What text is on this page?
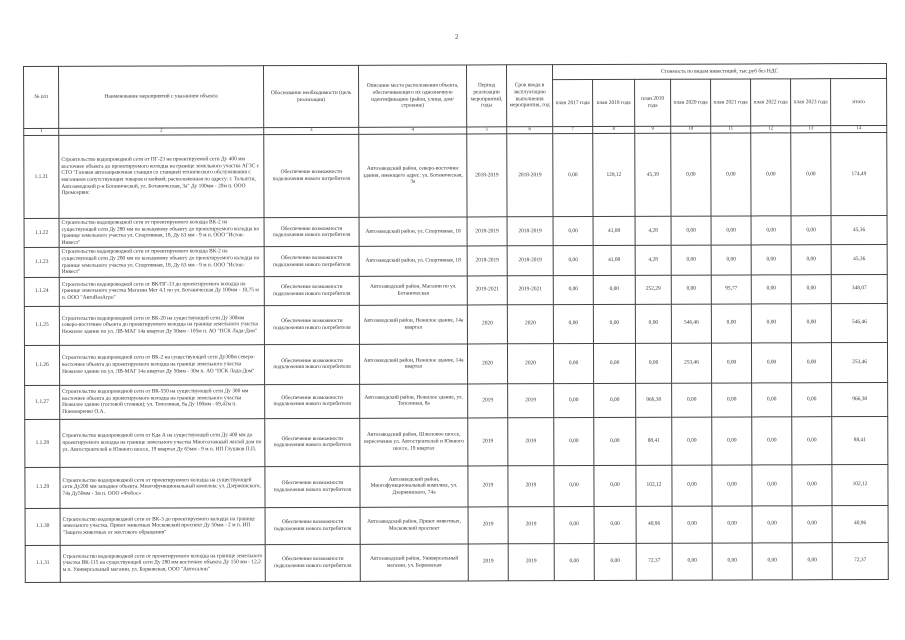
2
№ п/п	Наименование мероприятий с указанием объекта	Обоснование необходимости (цель реализации)	Описание места расположения объекта, обеспечивающего их однозначную идентификацию (район, улица, дом/строение)	Период реализации мероприятий, годы	Срок ввода в эксплуатацию выполнения мероприятия, год	Стоимость по видам инвестиций, тыс.руб без НДС							
						план 2017 года	план 2018 года	план 2019 года	план 2020 года	план 2021 года	план 2022 года	план 2023 года	итого
1	2	3	4	5	6	7	8	9	10	11	12	13	14
1.1.21	Строительство водопроводной сети от ПГ-23 на проектируемой сети Ду 400 мм восточнее объекта до проектируемого колодца на границе земельного участка АГЗС с СТО "Газовая автозаправочная станция со станцией технического обслуживания с магазином сопутствующих товаров и мойкой; расположенная по адресу: г. Тольятти, Автозаводский р-н Ботанической, ул. Ботаническая, 3а" Ду 100мм - 20м п. ООО Промсервис	Обеспечение возможности подключения нового потребителя	Автозаводский район, северо-восточнее здания, имеющего адрес: ул. Ботаническая, 3а	2018-2019	2018-2019	0,00	129,12	45,39	0,00	0,00	0,00	0,00	174,49
1.1.22	Строительство водопроводной сети от проектируемого колодца ВК-2 на существующей сети Ду 280 мм по кольцевому объекту до проектируемого колодца на границе земельного участка ул. Спортивная, 18, Ду 63 мм - 9 м п. ООО "Исток-Инвест"	Обеспечение возможности подключения нового потребителя	Автозаводский район, ул. Спортивная, 18	2018-2019	2018-2019	0,00	41,08	4,28	0,00	0,00	0,00	0,00	45,36
1.1.23	Строительство водопроводной сети от проектируемого колодца ВК-2 на существующей сети Ду 280 мм по кольцевому объекту до проектируемого колодца на границе земельного участка ул. Спортивная, 18, Ду 63 мм - 9 м п. ООО "Исток-Инвест"	Обеспечение возможности подключения нового потребителя	Автозаводский район, ул. Спортивная, 18	2018-2019	2018-2019	0,00	41,08	4,28	0,00	0,00	0,00	0,00	45,36
1.1.24	Строительство водопроводной сети от ВК/ПГ-13 до проектируемого колодца на границе земельного участка Магазин Мег 4.1 по ул. Ботаническая Ду 100мм - 10,75 м п. ООО "АвтоВазАгро"	Обеспечение возможности подключения нового потребителя	Автозаводский район, Магазин по ул. Ботаническая	2019-2021	2019-2021	0,00	0,00	252,29	0,00	95,77	0,00	0,00	348,07
1.1.25	Строительство водопроводной сети от ВК-20 на существующей сети Ду 300мм северо-восточнее объекта до проектируемого колодца на границе земельного участка Нежилое здание по ул. ЛВ-МАГ 14а квартал Ду 50мм - 105м п. АО "ПСК Лада-Дом"	Обеспечение возможности подключения нового потребителя	Автозаводский район, Нежилое здание, 14а квартал	2020	2020	0,00	0,00	0,00	546,46	0,00	0,00	0,00	546,46
1.1.26	Строительство водопроводной сети от ВК-2 на существующей сети Ду300м северо-восточнее объекта до проектируемого колодца на границе земельного участка Нежилое здание по ул. ЛВ-МАГ 14а квартал Ду 50мм - 30м п. АО "ПСК Лада-Дом"	Обеспечение возможности подключения нового потребителя	Автозаводский район, Нежилое здание, 14а квартал	2020	2020	0,00	0,00	0,00	253,46	0,00	0,00	0,00	253,46
1.1.27	Строительство водопроводной сети от ВК-550 на существующей сети Ду 300 мм восточнее объекта до проектируемого колодца на границе земельного участка Нежилое здание (гостевой стоянки); ул. Тополиная, 8а Ду 100мм - 69,42м п. Пономаренко О.А.	Обеспечение возможности подключения нового потребителя	Автозаводский район, Нежилое здание, ул. Тополиная, 8а	2019	2019	0,00	0,00	966,38	0,00	0,00	0,00	0,00	966,38
1.1.28	Строительство водопроводной сети от Кда А на существующей сети Ду 400 мм до проектируемого колодца на границе земельного участка Многоэтажный жилой дом по ул. Автостроителей и Южного шоссе, 19 квартал Ду 65мм - 9 м п. ИП Глушков П.П.	Обеспечение возможности подключения нового потребителя	Автозаводский район, Шлюзовое шоссе, пересечение ул. Автостроителей и Южного шоссе, 19 квартал	2019	2019	0,00	0,00	88,41	0,00	0,00	0,00	0,00	88,41
1.1.29	Строительство водопроводной сети от проектируемого колодца на существующей сети Ду200 мм западнее объекта. Многофункциональный комплекс ул. Дзержинского, 74а Ду50мм - 3м п. ООО «Фобос»	Обеспечение возможности подключения нового потребителя	Автозаводский район, Многофункциональный комплекс, ул. Дзержинского, 74а	2019	2019	0,00	0,00	102,12	0,00	0,00	0,00	0,00	102,12
1.1.30	Строительство водопроводной сети от ВК-3 до проектируемого колодца на границе земельного участка. Приют животных Московский проспект Ду 50мм - 2 м п. ИП "Защита животных от жестокого обращения"	Обеспечение возможности подключения нового потребителя	Автозаводский район, Приют животных, Московский проспект	2019	2019	0,00	0,00	40,96	0,00	0,00	0,00	0,00	40,96
1.1.31	Строительство водопроводной сети от проектируемого колодца на границе земельного участка ВК-115 на существующей сети Ду 280 мм восточнее объекта Ду 150 мм - 12,2 м п. Универсальный магазин, ул. Борковская, ООО "Автосалон"	Обеспечение возможности подключения нового потребителя	Автозаводский район, Универсальный магазин, ул. Борковская	2019	2019	0,00	0,00	72,37	0,00	0,00	0,00	0,00	72,37
